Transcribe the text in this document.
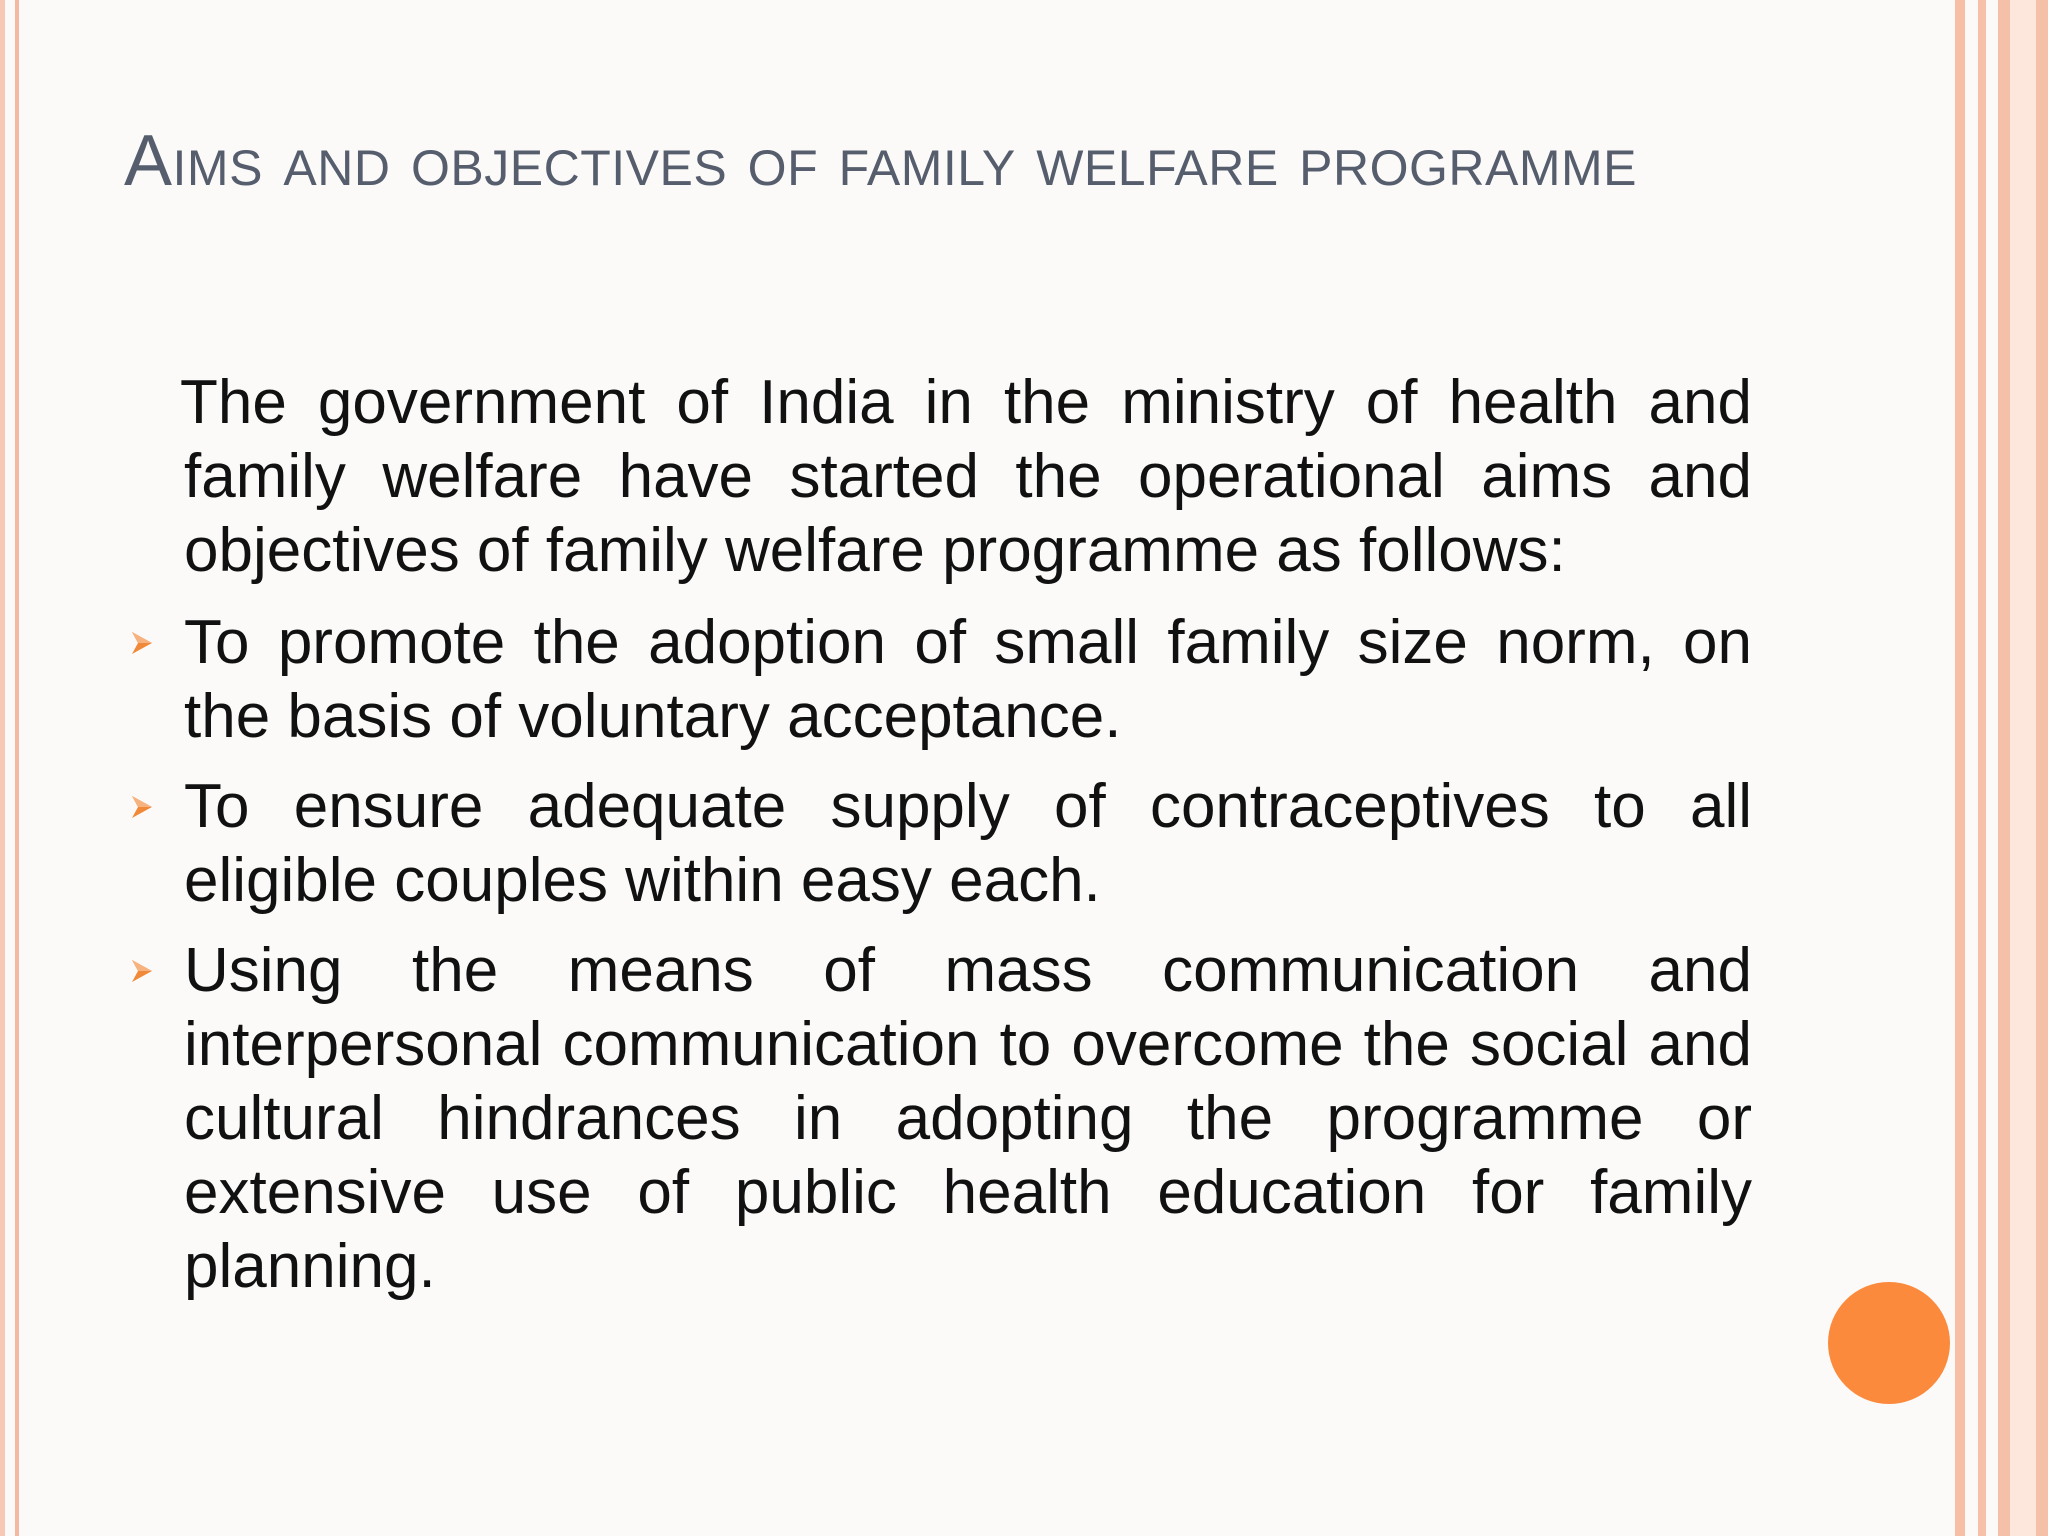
Aims and objectives of family welfare programme

The government of India in the ministry of health and family welfare have started the operational aims and objectives of family welfare programme as follows:

To promote the adoption of small family size norm, on the basis of voluntary acceptance.
To ensure adequate supply of contraceptives to all eligible couples within easy each.
Using the means of mass communication and interpersonal communication to overcome the social and cultural hindrances in adopting the programme or extensive use of public health education for family planning.
